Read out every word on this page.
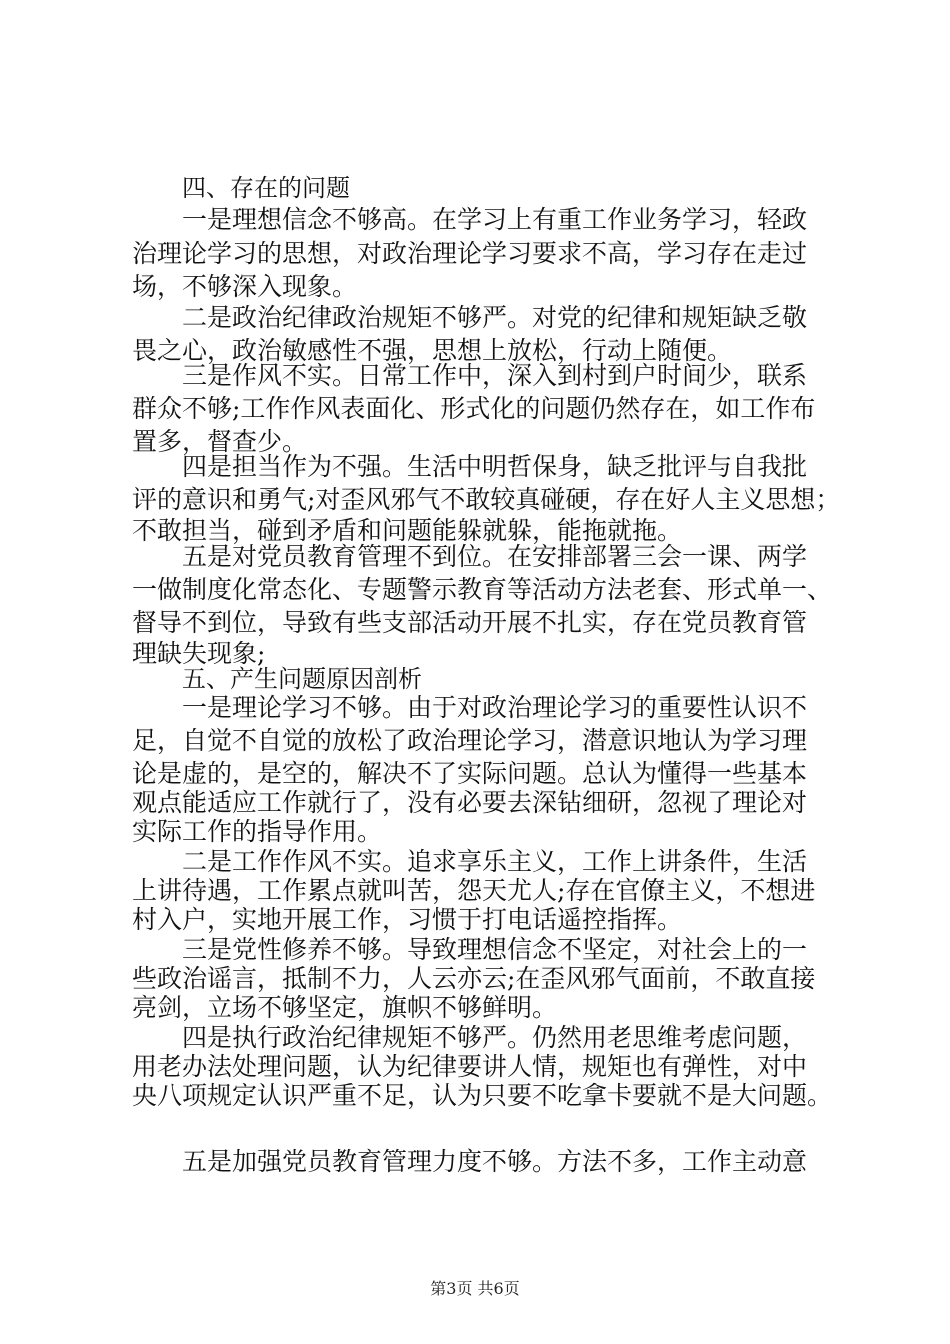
四、存在的问题
一是理想信念不够高。在学习上有重工作业务学习，轻政
治理论学习的思想，对政治理论学习要求不高，学习存在走过
场，不够深入现象。
二是政治纪律政治规矩不够严。对党的纪律和规矩缺乏敬
畏之心，政治敏感性不强，思想上放松，行动上随便。
三是作风不实。日常工作中，深入到村到户时间少，联系
群众不够;工作作风表面化、形式化的问题仍然存在，如工作布
置多，督查少。
四是担当作为不强。生活中明哲保身，缺乏批评与自我批
评的意识和勇气;对歪风邪气不敢较真碰硬，存在好人主义思想；
不敢担当，碰到矛盾和问题能躲就躲，能拖就拖。
五是对党员教育管理不到位。在安排部署三会一课、两学
一做制度化常态化、专题警示教育等活动方法老套、形式单一、
督导不到位，导致有些支部活动开展不扎实，存在党员教育管
理缺失现象;
五、产生问题原因剖析
一是理论学习不够。由于对政治理论学习的重要性认识不
足，自觉不自觉的放松了政治理论学习，潜意识地认为学习理
论是虚的，是空的，解决不了实际问题。总认为懂得一些基本
观点能适应工作就行了，没有必要去深钻细研，忽视了理论对
实际工作的指导作用。
二是工作作风不实。追求享乐主义，工作上讲条件，生活
上讲待遇，工作累点就叫苦，怨天尤人;存在官僚主义，不想进
村入户，实地开展工作，习惯于打电话遥控指挥。
三是党性修养不够。导致理想信念不坚定，对社会上的一
些政治谣言，抵制不力，人云亦云;在歪风邪气面前，不敢直接
亮剑，立场不够坚定，旗帜不够鲜明。
四是执行政治纪律规矩不够严。仍然用老思维考虑问题，
用老办法处理问题，认为纪律要讲人情，规矩也有弹性，对中
央八项规定认识严重不足，认为只要不吃拿卡要就不是大问题。
五是加强党员教育管理力度不够。方法不多，工作主动意
第3页 共6页
